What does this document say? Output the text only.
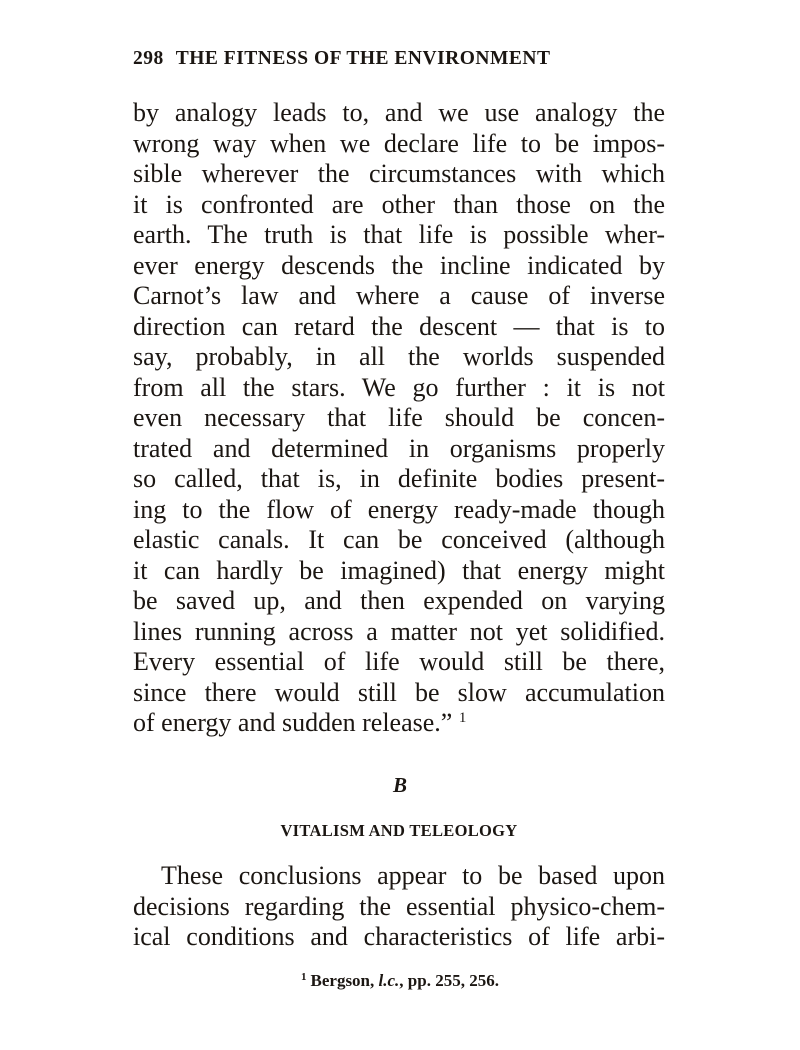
298 THE FITNESS OF THE ENVIRONMENT
by analogy leads to, and we use analogy the
wrong way when we declare life to be impos-
sible wherever the circumstances with which
it is confronted are other than those on the
earth. The truth is that life is possible wher-
ever energy descends the incline indicated by
Carnot’s law and where a cause of inverse
direction can retard the descent — that is to
say, probably, in all the worlds suspended
from all the stars. We go further : it is not
even necessary that life should be concen-
trated and determined in organisms properly
so called, that is, in definite bodies present-
ing to the flow of energy ready-made though
elastic canals. It can be conceived (although
it can hardly be imagined) that energy might
be saved up, and then expended on varying
lines running across a matter not yet solidified.
Every essential of life would still be there,
since there would still be slow accumulation
of energy and sudden release.” $^1$
B
VITALISM AND TELEOLOGY
These conclusions appear to be based upon
decisions regarding the essential physico-chem-
ical conditions and characteristics of life arbi-
$^1$ Bergson, l.c., pp. 255, 256.
